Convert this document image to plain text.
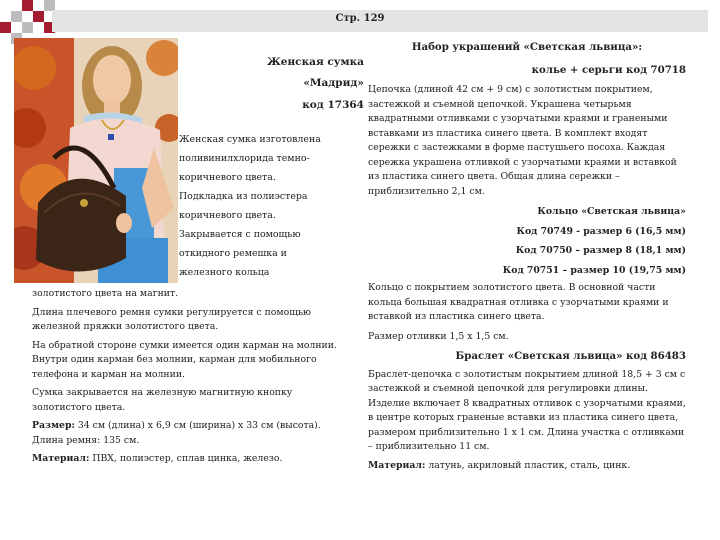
Стр. 129
Женская сумка
«Мадрид»
код 17364
Женская сумка изготовлена
поливинилхлорида темно-
коричневого цвета.
Подкладка из полиэстера
коричневого цвета.
Закрывается с помощью
откидного ремешка и
железного кольца

золотистого цвета на магнит.

Длина плечевого ремня сумки регулируется с помощью железной пряжки золотистого цвета.

На обратной стороне сумки имеется один карман на молнии. Внутри один карман без молнии, карман для мобильного телефона и карман на молнии.

Сумка закрывается на железную магнитную кнопку золотистого цвета.

Размер: 34 см (длина) х 6,9 см (ширина) х 33 см (высота). Длина ремня: 135 см.

Материал: ПВХ, полиэстер, сплав цинка, железо.

Набор украшений «Светская львица»:

колье + серьги код 70718

Цепочка (длиной 42 см + 9 см) с золотистым покрытием, застежкой и съемной цепочкой. Украшена четырьмя квадратными отливками с узорчатыми краями и гранеными вставками из пластика синего цвета. В комплект входят сережки с застежками в форме пастушьего посоха. Каждая сережка украшена отливкой с узорчатыми краями и вставкой из пластика синего цвета. Общая длина сережки – приблизительно 2,1 см.

Кольцо «Светская львица»

Код 70749 - размер 6 (16,5 мм)

Код 70750 – размер 8 (18,1 мм)

Код 70751 – размер 10 (19,75 мм)

Кольцо с покрытием золотистого цвета. В основной части кольца большая квадратная отливка с узорчатыми краями и вставкой из пластика синего цвета.

Размер отливки 1,5 х 1,5 см.

Браслет «Светская львица» код 86483

Браслет-цепочка с золотистым покрытием длиной 18,5 + 3 см с застежкой и съемной цепочкой для регулировки длины. Изделие включает 8 квадратных отливок с узорчатыми краями, в центре которых граненые вставки из пластика синего цвета, размером приблизительно 1 х 1 см. Длина участка с отливками – приблизительно 11 см.

Материал: латунь, акриловый пластик, сталь, цинк.
